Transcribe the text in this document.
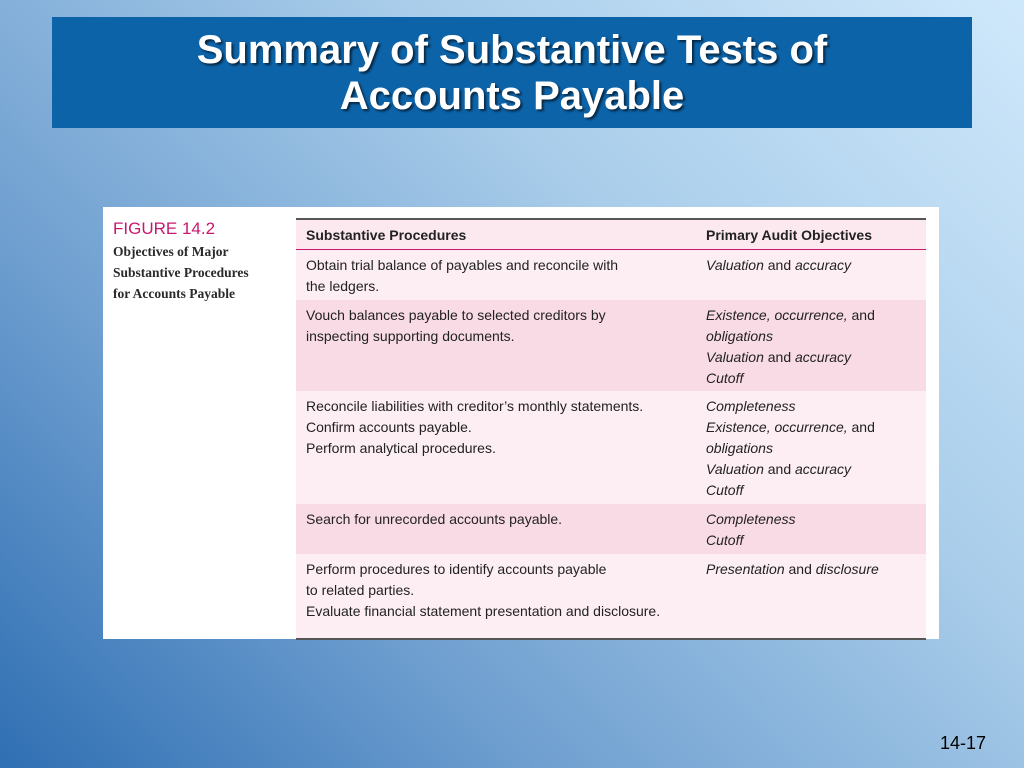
Summary of Substantive Tests of Accounts Payable
FIGURE 14.2
Objectives of Major
Substantive Procedures
for Accounts Payable
Substantive Procedures	Primary Audit Objectives
Obtain trial balance of payables and reconcile with
the ledgers.
Valuation and accuracy
Vouch balances payable to selected creditors by
inspecting supporting documents.
Existence, occurrence, and
obligations
Valuation and accuracy
Cutoff
Reconcile liabilities with creditor’s monthly statements.
Confirm accounts payable.
Perform analytical procedures.
Completeness
Existence, occurrence, and
obligations
Valuation and accuracy
Cutoff
Search for unrecorded accounts payable.	Completeness
Cutoff
Perform procedures to identify accounts payable
to related parties.
Evaluate financial statement presentation and disclosure.
Presentation and disclosure
14-17
